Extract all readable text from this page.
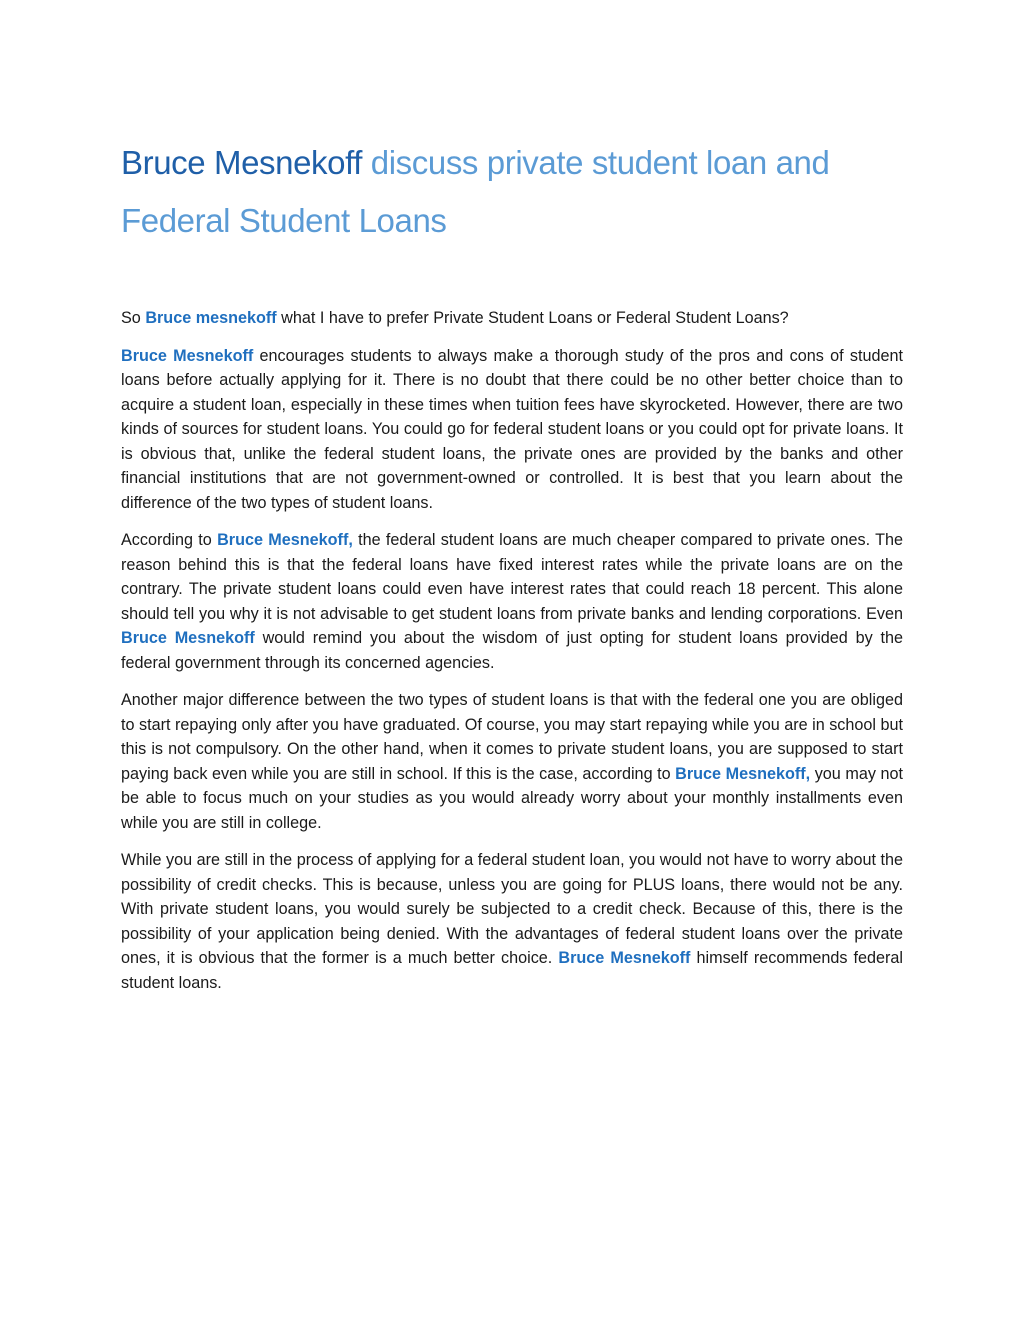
Bruce Mesnekoff discuss private student loan and Federal Student Loans

So Bruce mesnekoff what I have to prefer Private Student Loans or Federal Student Loans?

Bruce Mesnekoff encourages students to always make a thorough study of the pros and cons of student loans before actually applying for it. There is no doubt that there could be no other better choice than to acquire a student loan, especially in these times when tuition fees have skyrocketed. However, there are two kinds of sources for student loans. You could go for federal student loans or you could opt for private loans. It is obvious that, unlike the federal student loans, the private ones are provided by the banks and other financial institutions that are not government-owned or controlled. It is best that you learn about the difference of the two types of student loans.

According to Bruce Mesnekoff, the federal student loans are much cheaper compared to private ones. The reason behind this is that the federal loans have fixed interest rates while the private loans are on the contrary. The private student loans could even have interest rates that could reach 18 percent. This alone should tell you why it is not advisable to get student loans from private banks and lending corporations. Even Bruce Mesnekoff would remind you about the wisdom of just opting for student loans provided by the federal government through its concerned agencies.

Another major difference between the two types of student loans is that with the federal one you are obliged to start repaying only after you have graduated. Of course, you may start repaying while you are in school but this is not compulsory. On the other hand, when it comes to private student loans, you are supposed to start paying back even while you are still in school. If this is the case, according to Bruce Mesnekoff, you may not be able to focus much on your studies as you would already worry about your monthly installments even while you are still in college.

While you are still in the process of applying for a federal student loan, you would not have to worry about the possibility of credit checks. This is because, unless you are going for PLUS loans, there would not be any. With private student loans, you would surely be subjected to a credit check. Because of this, there is the possibility of your application being denied. With the advantages of federal student loans over the private ones, it is obvious that the former is a much better choice. Bruce Mesnekoff himself recommends federal student loans.
